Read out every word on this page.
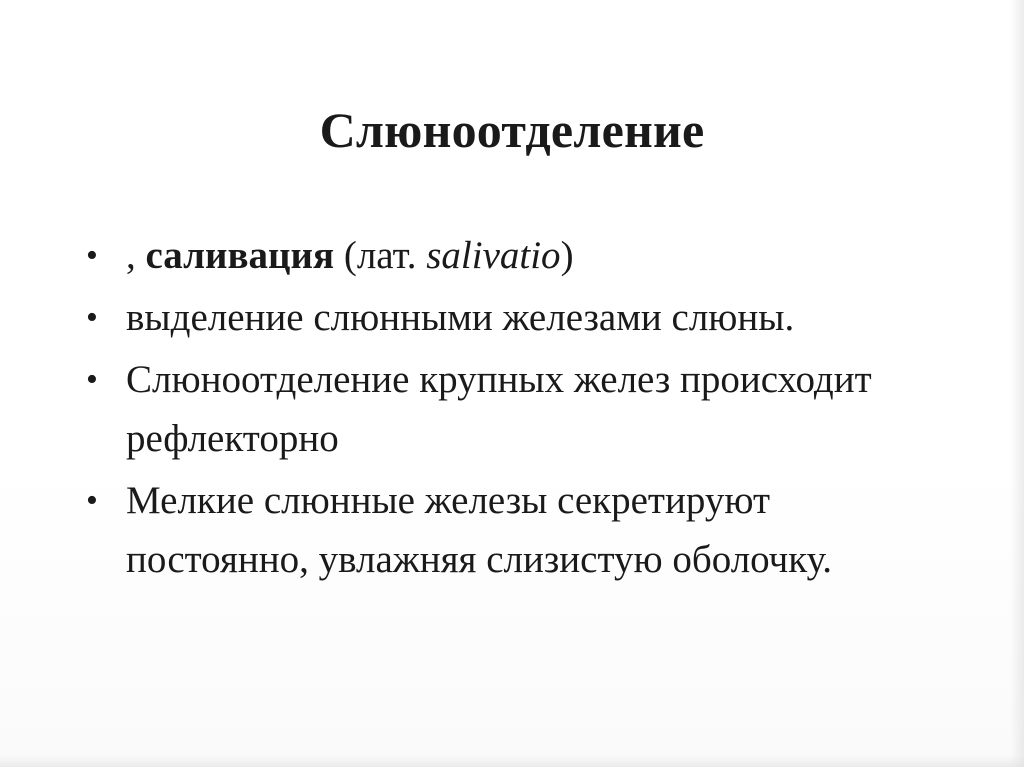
Слюноотделение
• , саливация (лат. salivatio)
• выделение слюнными железами слюны.
• Слюноотделение крупных желез происходит рефлекторно
• Мелкие слюнные железы секретируют постоянно, увлажняя слизистую оболочку.
